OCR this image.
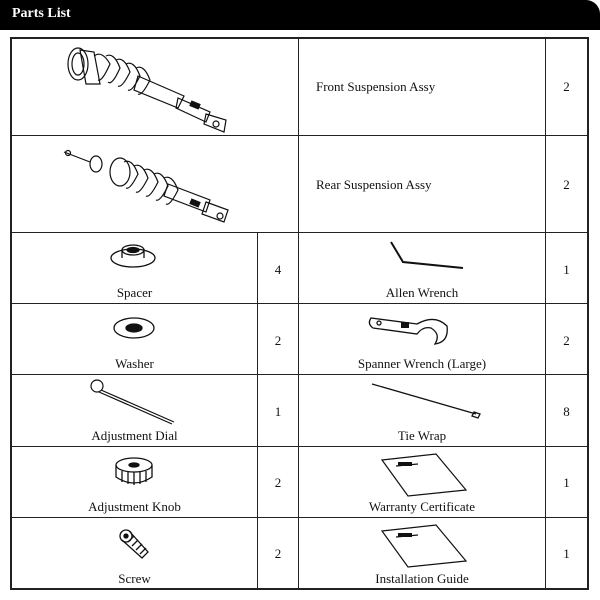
Parts List
Front Suspension Assy	2
Rear Suspension Assy	2
Spacer
4
Allen Wrench
1
Washer
2
Spanner Wrench (Large)
2
Adjustment Dial
1
Tie Wrap
8
Adjustment Knob
2
Warranty Certificate
1
Screw
2
Installation Guide
1
